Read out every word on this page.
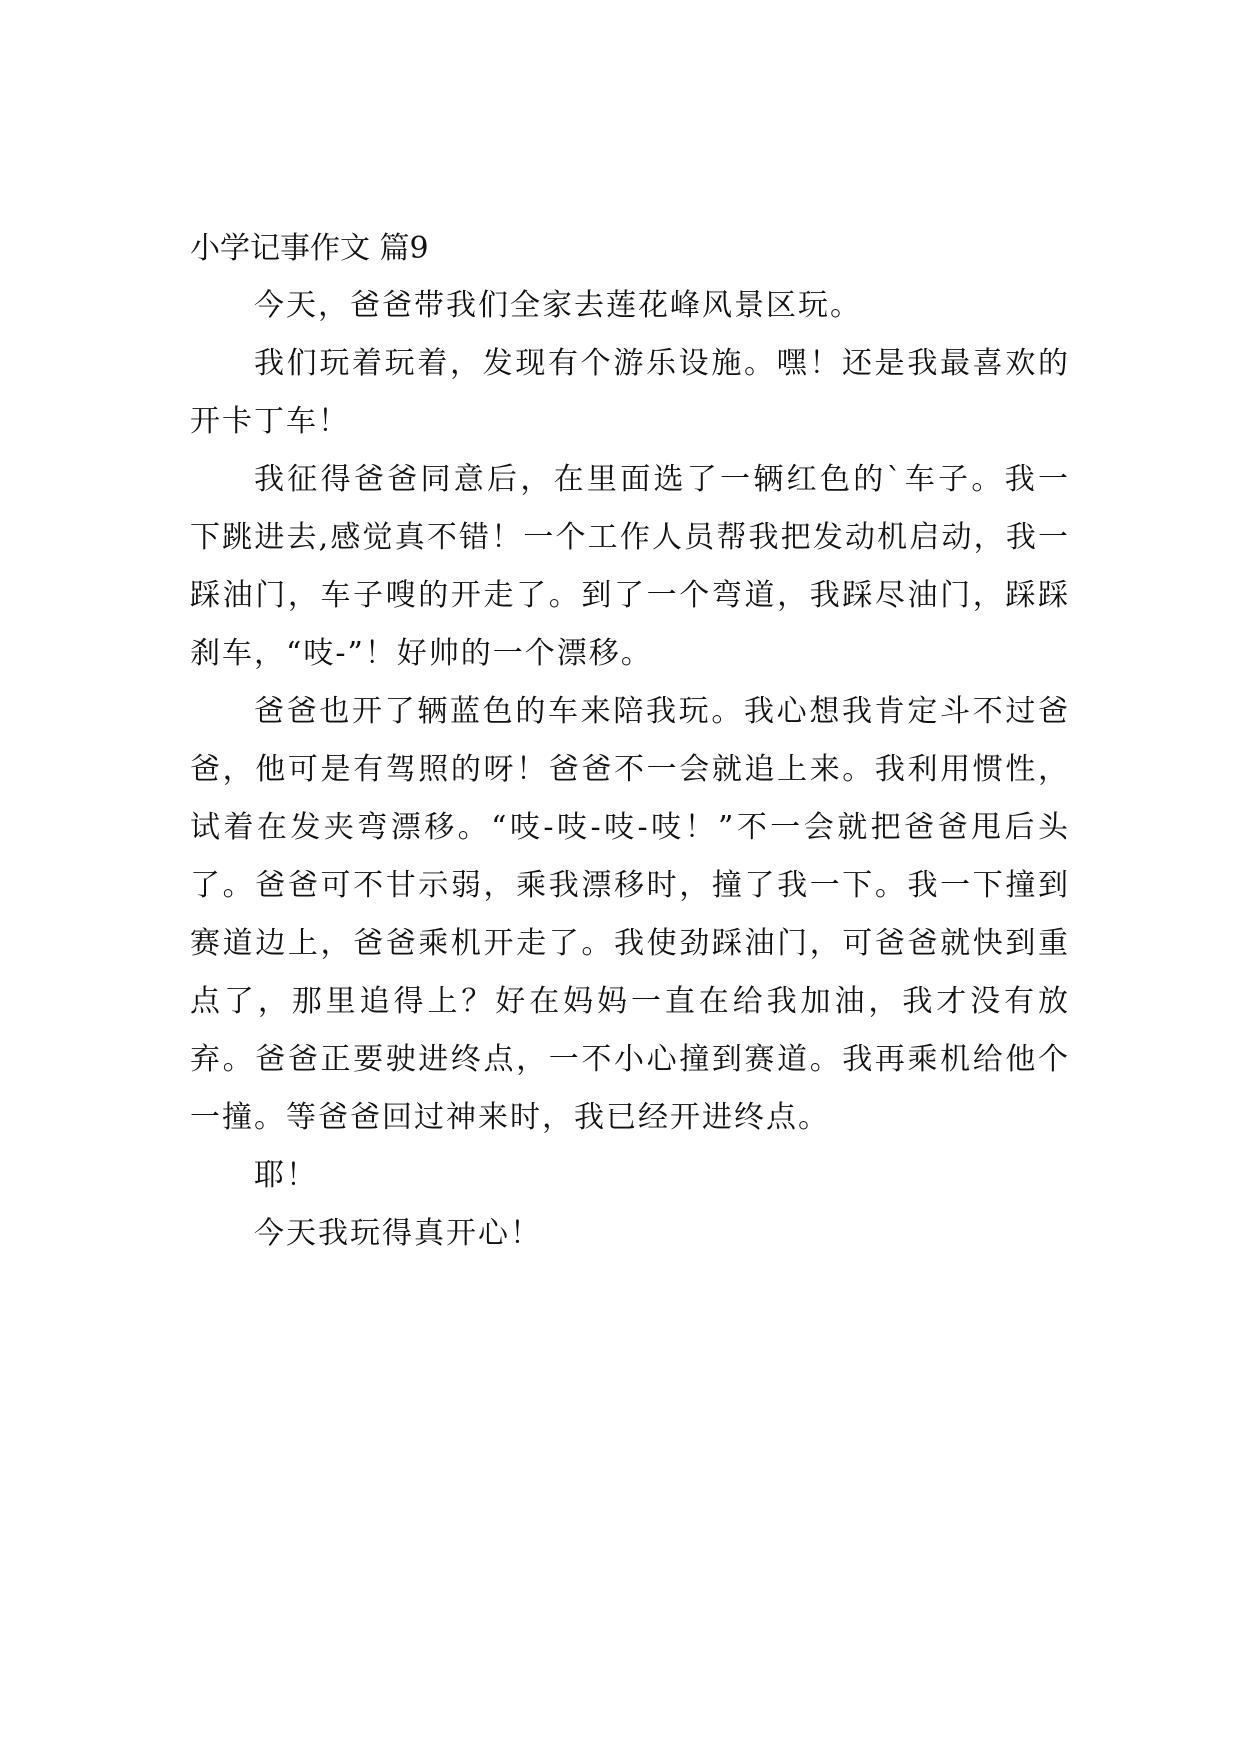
小学记事作文 篇9

今天，爸爸带我们全家去莲花峰风景区玩。

我们玩着玩着，发现有个游乐设施。嘿！还是我最喜欢的开卡丁车！

我征得爸爸同意后，在里面选了一辆红色的`车子。我一下跳进去,感觉真不错！一个工作人员帮我把发动机启动，我一踩油门，车子嗖的开走了。到了一个弯道，我踩尽油门，踩踩刹车，“吱-”！好帅的一个漂移。

爸爸也开了辆蓝色的车来陪我玩。我心想我肯定斗不过爸爸，他可是有驾照的呀！爸爸不一会就追上来。我利用惯性，试着在发夹弯漂移。“吱-吱-吱-吱！”不一会就把爸爸甩后头了。爸爸可不甘示弱，乘我漂移时，撞了我一下。我一下撞到赛道边上，爸爸乘机开走了。我使劲踩油门，可爸爸就快到重点了，那里追得上？好在妈妈一直在给我加油，我才没有放弃。爸爸正要驶进终点，一不小心撞到赛道。我再乘机给他个一撞。等爸爸回过神来时，我已经开进终点。

耶！

今天我玩得真开心！
